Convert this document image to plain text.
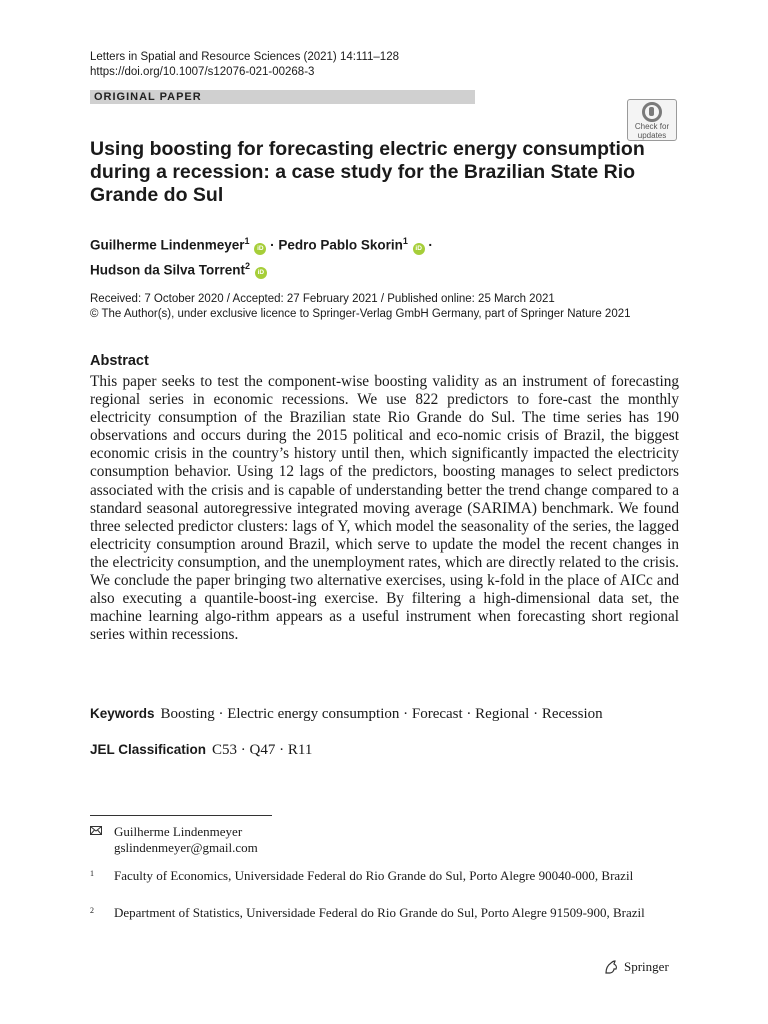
Letters in Spatial and Resource Sciences (2021) 14:111–128
https://doi.org/10.1007/s12076-021-00268-3
ORIGINAL PAPER
Check for
updates
Using boosting for forecasting electric energy consumption during a recession: a case study for the Brazilian State Rio Grande do Sul
Guilherme Lindenmeyer$^1$ iD · Pedro Pablo Skorin$^1$ iD ·
Hudson da Silva Torrent$^2$ iD
Received: 7 October 2020 / Accepted: 27 February 2021 / Published online: 25 March 2021
© The Author(s), under exclusive licence to Springer-Verlag GmbH Germany, part of Springer Nature 2021
Abstract

This paper seeks to test the component-wise boosting validity as an instrument of forecasting regional series in economic recessions. We use 822 predictors to fore-cast the monthly electricity consumption of the Brazilian state Rio Grande do Sul. The time series has 190 observations and occurs during the 2015 political and eco-nomic crisis of Brazil, the biggest economic crisis in the country’s history until then, which significantly impacted the electricity consumption behavior. Using 12 lags of the predictors, boosting manages to select predictors associated with the crisis and is capable of understanding better the trend change compared to a standard seasonal autoregressive integrated moving average (SARIMA) benchmark. We found three selected predictor clusters: lags of Y, which model the seasonality of the series, the lagged electricity consumption around Brazil, which serve to update the model the recent changes in the electricity consumption, and the unemployment rates, which are directly related to the crisis. We conclude the paper bringing two alternative exercises, using k-fold in the place of AICc and also executing a quantile-boost-ing exercise. By filtering a high-dimensional data set, the machine learning algo-rithm appears as a useful instrument when forecasting short regional series within recessions.

Keywords Boosting · Electric energy consumption · Forecast · Regional · Recession
JEL Classification C53 · Q47 · R11
Guilherme Lindenmeyer
gslindenmeyer@gmail.com
1 Faculty of Economics, Universidade Federal do Rio Grande do Sul, Porto Alegre 90040-000, Brazil
2 Department of Statistics, Universidade Federal do Rio Grande do Sul, Porto Alegre 91509-900, Brazil
Springer
